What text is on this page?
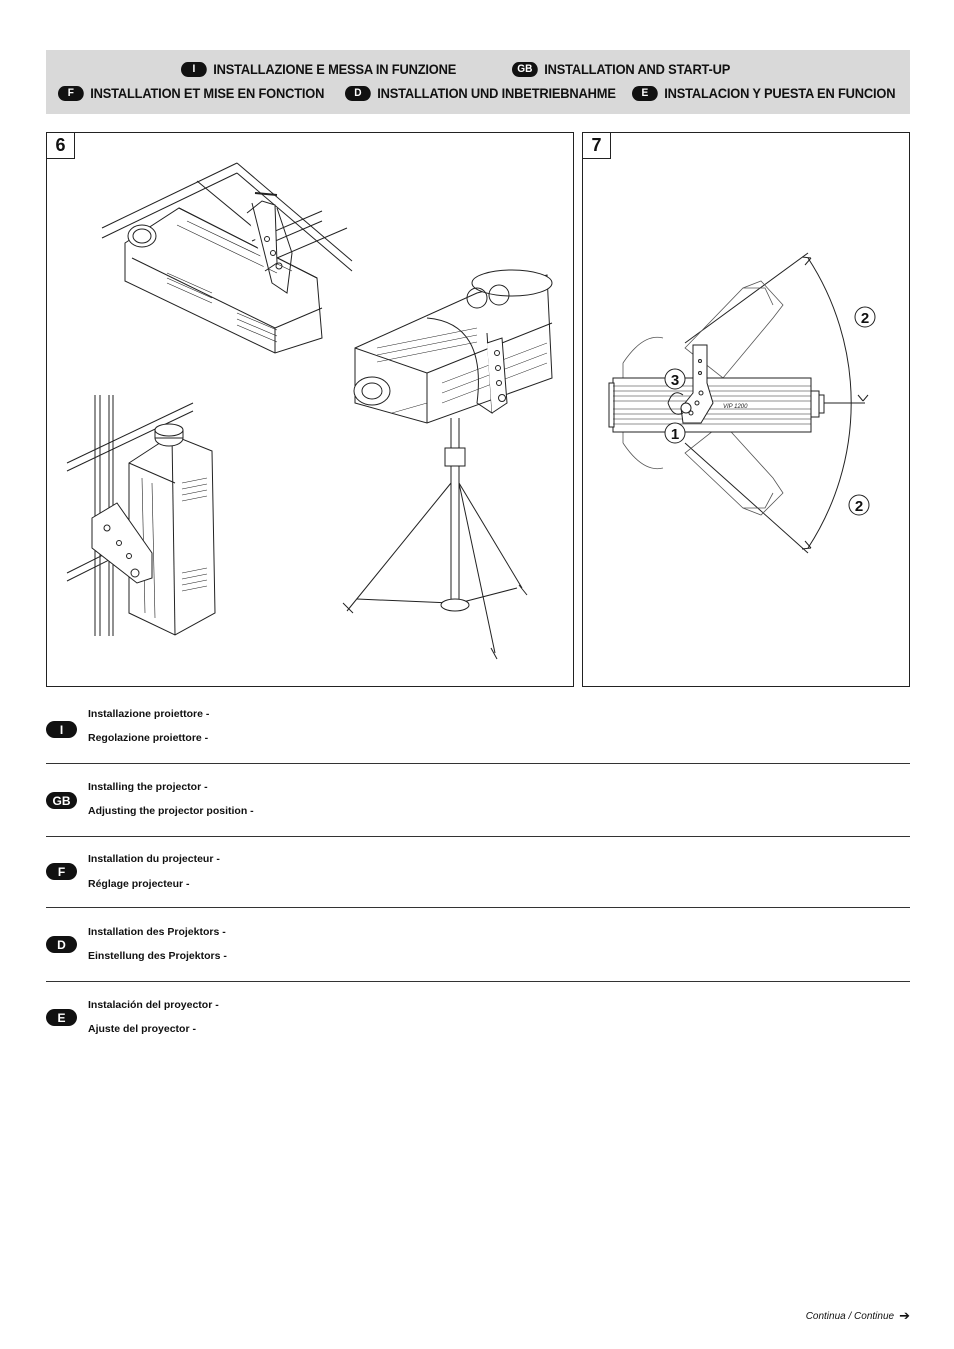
I	INSTALLAZIONE E MESSA IN FUNZIONE	GB INSTALLATION AND START-UP
F	INSTALLATION ET MISE EN FONCTION	D	INSTALLATION UND INBETRIEBNAHME	E	INSTALACION Y PUESTA EN FUNCION
6
2
2
3
1
VIP 1200
7
I
Installazione proiettore -
Regolazione proiettore -
GB
Installing the projector -
Adjusting the projector position -
F
Installation du projecteur -
Réglage projecteur -
D
Installation des Projektors -
Einstellung des Projektors -
E
Instalación del proyector -
Ajuste del proyector -
Continua / Continue ➔
